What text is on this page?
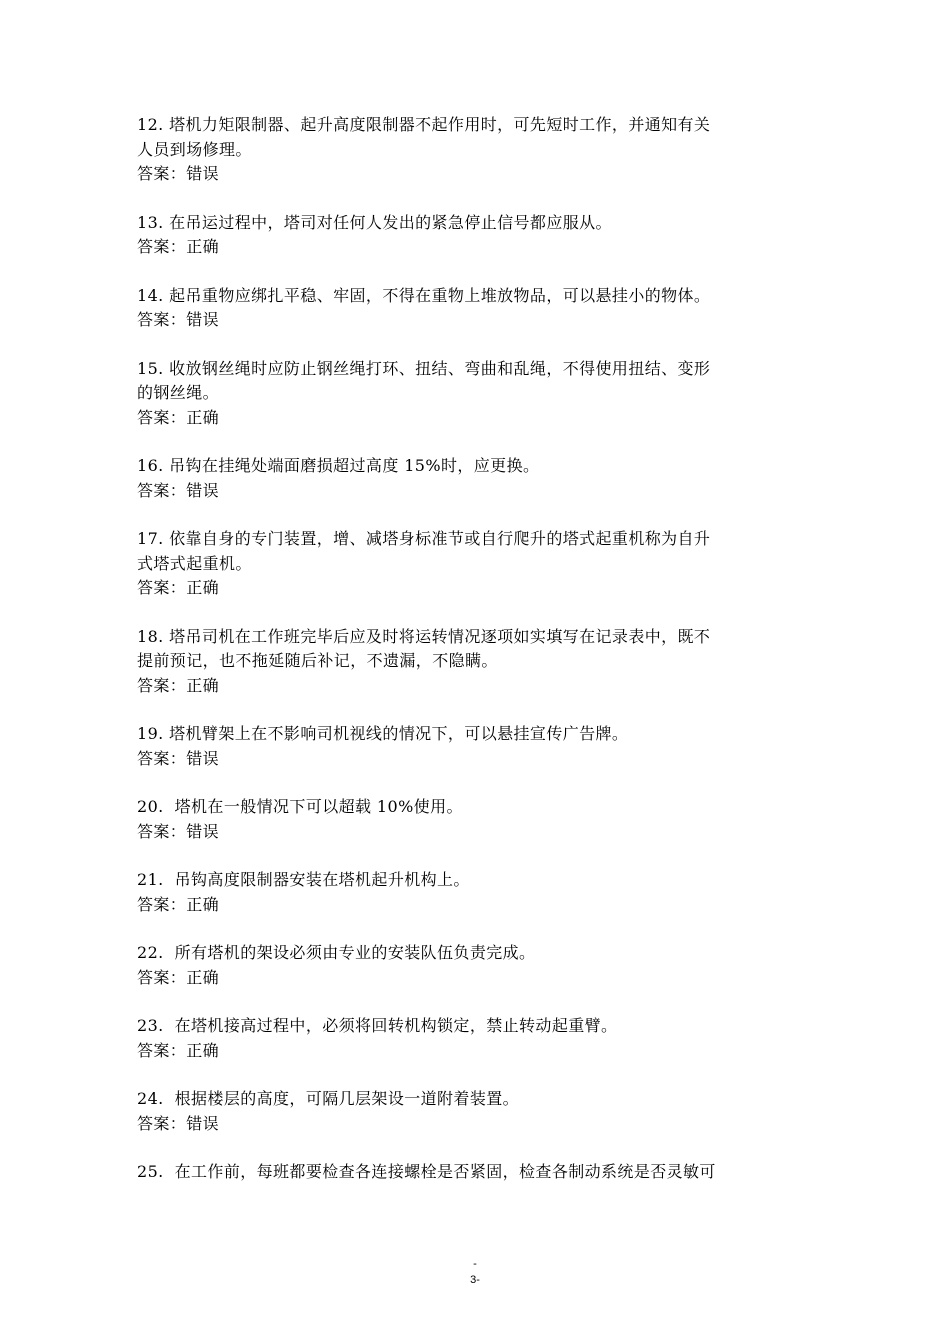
12. 塔机力矩限制器、起升高度限制器不起作用时，可先短时工作，并通知有关
人员到场修理。
答案：错误
13. 在吊运过程中，塔司对任何人发出的紧急停止信号都应服从。
答案：正确
14. 起吊重物应绑扎平稳、牢固，不得在重物上堆放物品，可以悬挂小的物体。
答案：错误
15. 收放钢丝绳时应防止钢丝绳打环、扭结、弯曲和乱绳，不得使用扭结、变形
的钢丝绳。
答案：正确
16. 吊钩在挂绳处端面磨损超过高度 15%时，应更换。
答案：错误
17. 依靠自身的专门装置，增、减塔身标准节或自行爬升的塔式起重机称为自升
式塔式起重机。
答案：正确
18. 塔吊司机在工作班完毕后应及时将运转情况逐项如实填写在记录表中，既不
提前预记，也不拖延随后补记，不遗漏，不隐瞒。
答案：正确
19. 塔机臂架上在不影响司机视线的情况下，可以悬挂宣传广告牌。
答案：错误
20.  塔机在一般情况下可以超载 10%使用。
答案：错误
21.  吊钩高度限制器安装在塔机起升机构上。
答案：正确
22.  所有塔机的架设必须由专业的安装队伍负责完成。
答案：正确
23.  在塔机接高过程中，必须将回转机构锁定，禁止转动起重臂。
答案：正确
24.  根据楼层的高度，可隔几层架设一道附着装置。
答案：错误
25.  在工作前，每班都要检查各连接螺栓是否紧固，检查各制动系统是否灵敏可
-
3-
